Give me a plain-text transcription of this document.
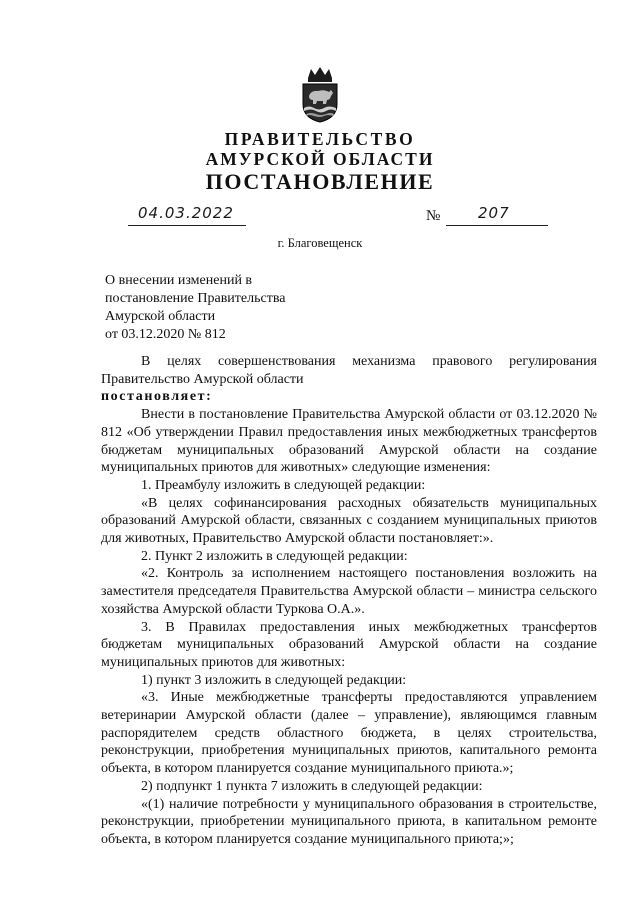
ПРАВИТЕЛЬСТВО
АМУРСКОЙ ОБЛАСТИ
ПОСТАНОВЛЕНИЕ
04.03.2022	№	207
г. Благовещенск
О внесении изменений в
постановление Правительства
Амурской области
от 03.12.2020 № 812

В целях совершенствования механизма правового регулирования Правительство Амурской области

постановляет:

Внести в постановление Правительства Амурской области от 03.12.2020 № 812 «Об утверждении Правил предоставления иных межбюджетных трансфертов бюджетам муниципальных образований Амурской области на создание муниципальных приютов для животных» следующие изменения:

1. Преамбулу изложить в следующей редакции:

«В целях софинансирования расходных обязательств муниципальных образований Амурской области, связанных с созданием муниципальных приютов для животных, Правительство Амурской области постановляет:».

2. Пункт 2 изложить в следующей редакции:

«2. Контроль за исполнением настоящего постановления возложить на заместителя председателя Правительства Амурской области – министра сельского хозяйства Амурской области Туркова О.А.».

3. В Правилах предоставления иных межбюджетных трансфертов бюджетам муниципальных образований Амурской области на создание муниципальных приютов для животных:

1) пункт 3 изложить в следующей редакции:

«3. Иные межбюджетные трансферты предоставляются управлением ветеринарии Амурской области (далее – управление), являющимся главным распорядителем средств областного бюджета, в целях строительства, реконструкции, приобретения муниципальных приютов, капитального ремонта объекта, в котором планируется создание муниципального приюта.»;

2) подпункт 1 пункта 7 изложить в следующей редакции:

«(1) наличие потребности у муниципального образования в строительстве, реконструкции, приобретении муниципального приюта, в капитальном ремонте объекта, в котором планируется создание муниципального приюта;»;
